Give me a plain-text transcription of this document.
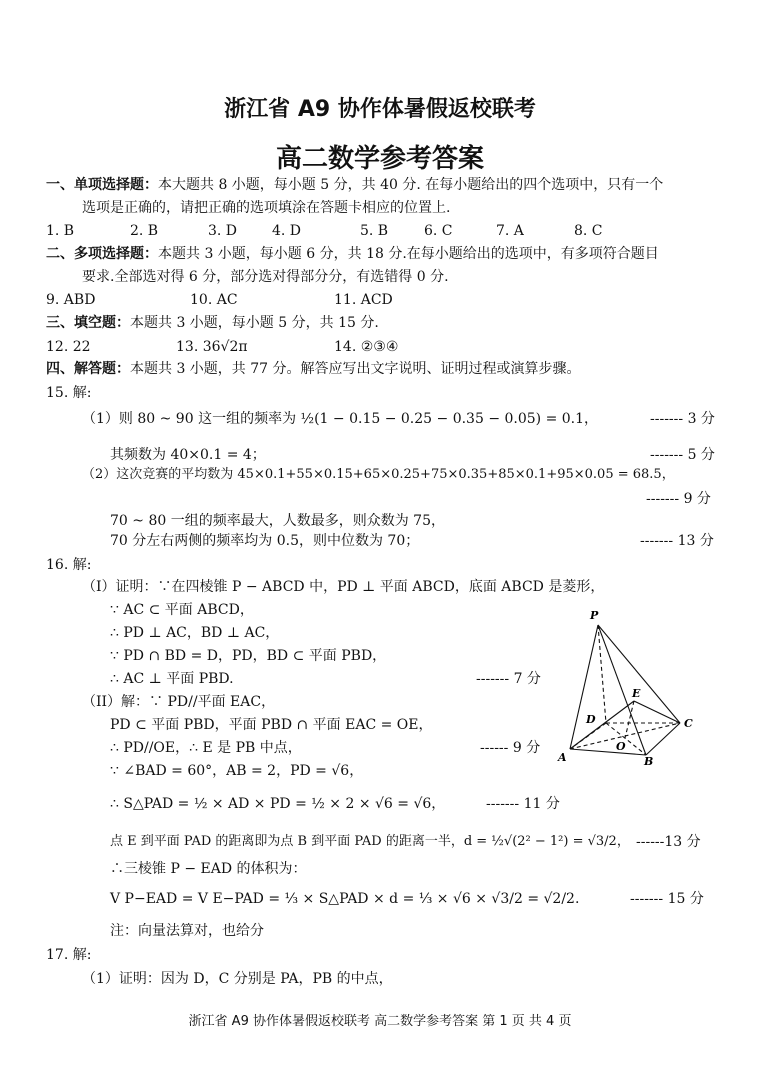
浙江省 A9 协作体暑假返校联考
高二数学参考答案
一、单项选择题：本大题共 8 小题，每小题 5 分，共 40 分. 在每小题给出的四个选项中，只有一个
选项是正确的，请把正确的选项填涂在答题卡相应的位置上.
1. B	2. B	3. D 4. D	5. B	6. C	7. A	8. C
二、多项选择题：本题共 3 小题，每小题 6 分，共 18 分.在每小题给出的选项中，有多项符合题目
要求.全部选对得 6 分，部分选对得部分分，有选错得 0 分.
9. ABD	10. AC	11. ACD
三、填空题：本题共 3 小题，每小题 5 分，共 15 分.
12. 22	13. 36√2π	14. ②③④
四、解答题：本题共 3 小题，共 77 分。解答应写出文字说明、证明过程或演算步骤。
15. 解:
（1）则 80 ~ 90 这一组的频率为 ½(1 − 0.15 − 0.25 − 0.35 − 0.05) = 0.1，	------- 3 分
其频数为 40×0.1 = 4；	------- 5 分
（2）这次竞赛的平均数为 45×0.1+55×0.15+65×0.25+75×0.35+85×0.1+95×0.05 = 68.5，
------- 9 分
70 ~ 80 一组的频率最大，人数最多，则众数为 75，
70 分左右两侧的频率均为 0.5，则中位数为 70；	------- 13 分
16. 解:
（I）证明：∵在四棱锥 P − ABCD 中，PD ⊥ 平面 ABCD，底面 ABCD 是菱形，
∵ AC ⊂ 平面 ABCD，
∴ PD ⊥ AC，BD ⊥ AC，
∵ PD ∩ BD = D，PD，BD ⊂ 平面 PBD，
∴ AC ⊥ 平面 PBD.	------- 7 分
（II）解：∵ PD//平面 EAC，
PD ⊂ 平面 PBD，平面 PBD ∩ 平面 EAC = OE，
∴ PD//OE，∴ E 是 PB 中点，	------ 9 分
∵ ∠BAD = 60°，AB = 2，PD = √6，
∴ S△PAD = ½ × AD × PD = ½ × 2 × √6 = √6，	------- 11 分
点 E 到平面 PAD 的距离即为点 B 到平面 PAD 的距离一半，d = ½√(2² − 1²) = √3/2， ------13 分
∴三棱锥 P − EAD 的体积为：
V P−EAD = V E−PAD = ⅓ × S△PAD × d = ⅓ × √6 × √3/2 = √2/2.	------- 15 分
注：向量法算对，也给分
P
E
D
O
C
A	B
17. 解:
（1）证明：因为 D，C 分别是 PA，PB 的中点，
浙江省 A9 协作体暑假返校联考 高二数学参考答案 第 1 页 共 4 页
